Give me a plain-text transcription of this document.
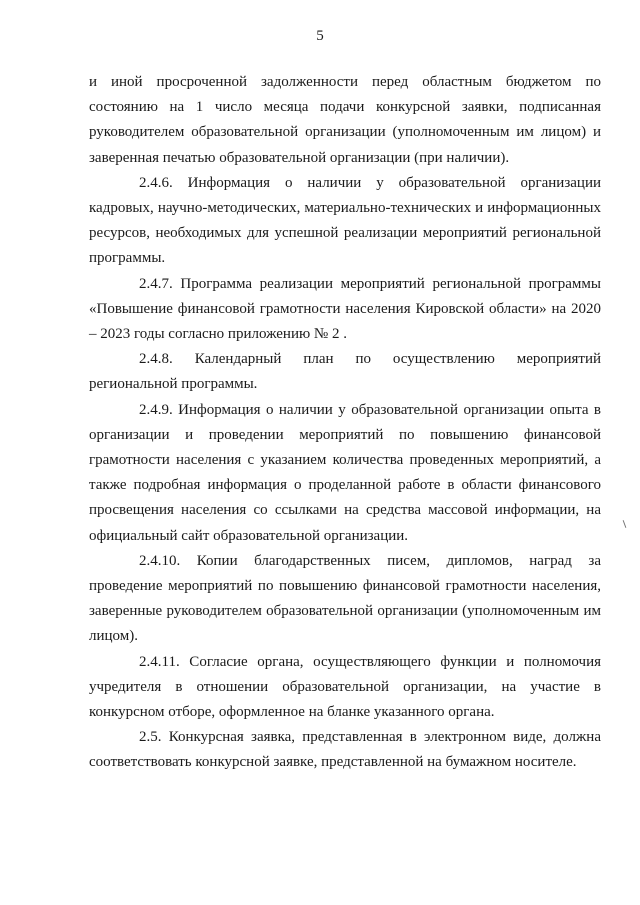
5

и иной просроченной задолженности перед областным бюджетом по состоянию на 1 число месяца подачи конкурсной заявки, подписанная руководителем образовательной организации (уполномоченным им лицом) и заверенная печатью образовательной организации (при наличии).

2.4.6. Информация о наличии у образовательной организации кадровых, научно-методических, материально-технических и информационных ресурсов, необходимых для успешной реализации мероприятий региональной программы.

2.4.7. Программа реализации мероприятий региональной программы «Повышение финансовой грамотности населения Кировской области» на 2020 – 2023 годы согласно приложению № 2 .

2.4.8. Календарный план по осуществлению мероприятий региональной программы.

2.4.9. Информация о наличии у образовательной организации опыта в организации и проведении мероприятий по повышению финансовой грамотности населения с указанием количества проведенных мероприятий, а также подробная информация о проделанной работе в области финансового просвещения населения со ссылками на средства массовой информации, на официальный сайт образовательной организации.

2.4.10. Копии благодарственных писем, дипломов, наград за проведение мероприятий по повышению финансовой грамотности населения, заверенные руководителем образовательной организации (уполномоченным им лицом).

2.4.11. Согласие органа, осуществляющего функции и полномочия учредителя в отношении образовательной организации, на участие в конкурсном отборе, оформленное на бланке указанного органа.

2.5. Конкурсная заявка, представленная в электронном виде, должна соответствовать конкурсной заявке, представленной на бумажном носителе.
